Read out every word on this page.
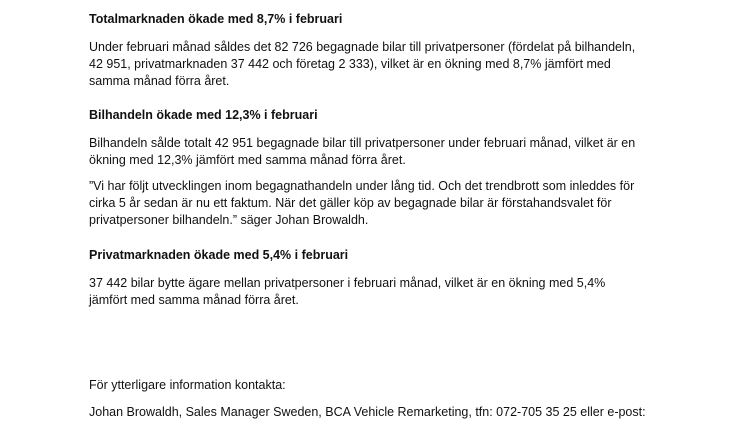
Totalmarknaden ökade med 8,7% i februari

Under februari månad såldes det 82 726 begagnade bilar till privatpersoner (fördelat på bilhandeln,
42 951, privatmarknaden 37 442 och företag 2 333), vilket är en ökning med 8,7% jämfört med
samma månad förra året.

Bilhandeln ökade med 12,3% i februari

Bilhandeln sålde totalt 42 951 begagnade bilar till privatpersoner under februari månad, vilket är en
ökning med 12,3% jämfört med samma månad förra året.

”Vi har följt utvecklingen inom begagnathandeln under lång tid. Och det trendbrott som inleddes för
cirka 5 år sedan är nu ett faktum. När det gäller köp av begagnade bilar är förstahandsvalet för
privatpersoner bilhandeln.” säger Johan Browaldh.

Privatmarknaden ökade med 5,4% i februari

37 442 bilar bytte ägare mellan privatpersoner i februari månad, vilket är en ökning med 5,4%
jämfört med samma månad förra året.

För ytterligare information kontakta:

Johan Browaldh, Sales Manager Sweden, BCA Vehicle Remarketing, tfn: 072-705 35 25 eller e-post:
